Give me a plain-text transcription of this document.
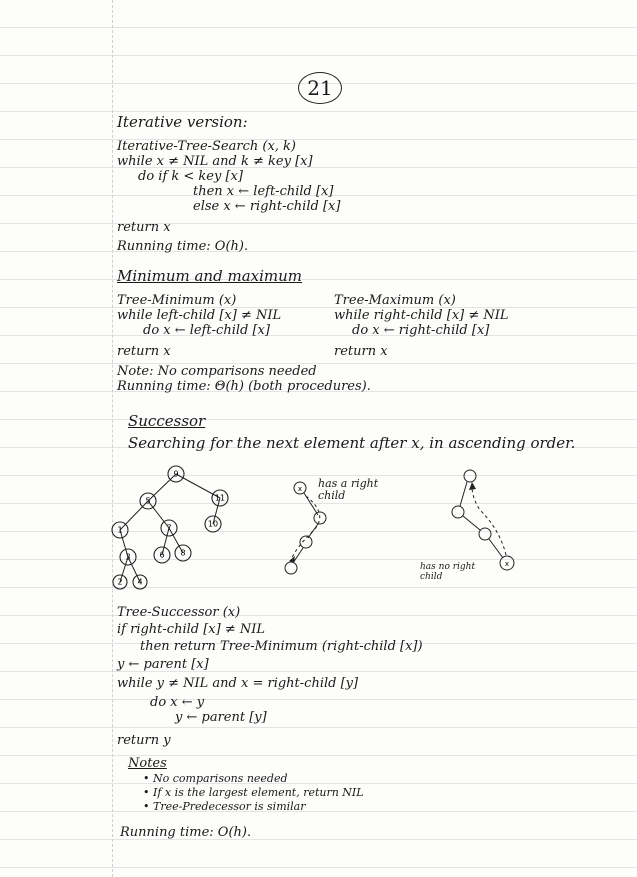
21
Iterative version:
Iterative-Tree-Search (x, k)
while x ≠ NIL and k ≠ key [x]
do if k < key [x]
then x ← left-child [x]
else x ← right-child [x]
return x
Running time: O(h).
Minimum and maximum
Tree-Minimum (x)
while left-child [x] ≠ NIL
do x ← left-child [x]
return x
Tree-Maximum (x)
while right-child [x] ≠ NIL
do x ← right-child [x]
return x
Note: No comparisons needed
Running time: Θ(h) (both procedures).
Successor
Searching for the next element after x, in ascending order.
9
5	11
1	7	10
3	6 8
2 4
x
x
has a right child
has no right child
Tree-Successor (x)
if right-child [x] ≠ NIL
then return Tree-Minimum (right-child [x])
y ← parent [x]
while y ≠ NIL and x = right-child [y]
do x ← y
y ← parent [y]
return y
Notes
• No comparisons needed
• If x is the largest element, return NIL
• Tree-Predecessor is similar
Running time: O(h).
